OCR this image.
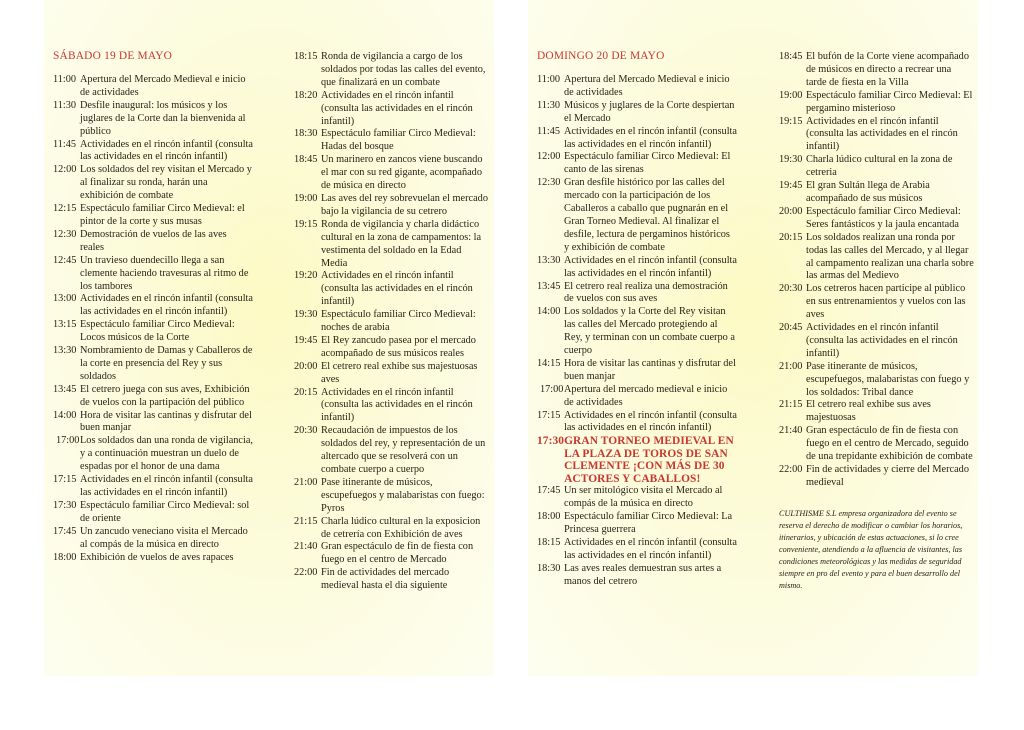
SÁBADO 19 DE MAYO
11:00 Apertura del Mercado Medieval e inicio de actividades
11:30 Desfile inaugural: los músicos y los juglares de la Corte dan la bienvenida al público
11:45 Actividades en el rincón infantil (consulta las actividades en el rincón infantil)
12:00 Los soldados del rey visitan el Mercado y al finalizar su ronda, harán una exhibición de combate
12:15 Espectáculo familiar Circo Medieval: el pintor de la corte y sus musas
12:30 Demostración de vuelos de las aves reales
12:45 Un travieso duendecillo llega a san clemente haciendo travesuras al ritmo de los tambores
13:00 Actividades en el rincón infantil (consulta las actividades en el rincón infantil)
13:15 Espectáculo familiar Circo Medieval: Locos músicos de la Corte
13:30 Nombramiento de Damas y Caballeros de la corte en presencia del Rey y sus soldados
13:45 El cetrero juega con sus aves, Exhibición de vuelos con la partipación del público
14:00 Hora de visitar las cantinas y disfrutar del buen manjar
17:00 Los soldados dan una ronda de vigilancia, y a continuación muestran un duelo de espadas por el honor de una dama
17:15 Actividades en el rincón infantil (consulta las actividades en el rincón infantil)
17:30 Espectáculo familiar Circo Medieval: sol de oriente
17:45 Un zancudo veneciano visita el Mercado al compás de la música en directo
18:00 Exhibición de vuelos de aves rapaces
18:15 Ronda de vigilancia a cargo de los soldados por todas las calles del evento, que finalizará en un combate
18:20 Actividades en el rincón infantil (consulta las actividades en el rincón infantil)
18:30 Espectáculo familiar Circo Medieval: Hadas del bosque
18:45 Un marinero en zancos viene buscando el mar con su red gigante, acompañado de música en directo
19:00 Las aves del rey sobrevuelan el mercado bajo la vigilancia de su cetrero
19:15 Ronda de vigilancia y charla didáctico cultural en la zona de campamentos: la vestimenta del soldado en la Edad Media
19:20 Actividades en el rincón infantil (consulta las actividades en el rincón infantil)
19:30 Espectáculo familiar Circo Medieval: noches de arabia
19:45 El Rey zancudo pasea por el mercado acompañado de sus músicos reales
20:00 El cetrero real exhibe sus majestuosas aves
20:15 Actividades en el rincón infantil (consulta las actividades en el rincón infantil)
20:30 Recaudación de impuestos de los soldados del rey, y representación de un altercado que se resolverá con un combate cuerpo a cuerpo
21:00 Pase itinerante de músicos, escupefuegos y malabaristas con fuego: Pyros
21:15 Charla lúdico cultural en la exposicion de cetrería con Exhibición de aves
21:40 Gran espectáculo de fin de fiesta con fuego en el centro de Mercado
22:00 Fin de actividades del mercado medieval hasta el dia siguiente
DOMINGO 20 DE MAYO
11:00 Apertura del Mercado Medieval e inicio de actividades
11:30 Músicos y juglares de la Corte despiertan el Mercado
11:45 Actividades en el rincón infantil (consulta las actividades en el rincón infantil)
12:00 Espectáculo familiar Circo Medieval: El canto de las sirenas
12:30 Gran desfile histórico por las calles del mercado con la participación de los Caballeros a caballo que pugnarán en el Gran Torneo Medieval. Al finalizar el desfile, lectura de pergaminos históricos y exhibición de combate
13:30 Actividades en el rincón infantil (consulta las actividades en el rincón infantil)
13:45 El cetrero real realiza una demostración de vuelos con sus aves
14:00 Los soldados y la Corte del Rey visitan las calles del Mercado protegiendo al Rey, y terminan con un combate cuerpo a cuerpo
14:15 Hora de visitar las cantinas y disfrutar del buen manjar
17:00 Apertura del mercado medieval e inicio de actividades
17:15 Actividades en el rincón infantil (consulta las actividades en el rincón infantil)
17:30 GRAN TORNEO MEDIEVAL EN LA PLAZA DE TOROS DE SAN CLEMENTE ¡CON MÁS DE 30 ACTORES Y CABALLOS!
17:45 Un ser mitológico visita el Mercado al compás de la música en directo
18:00 Espectáculo familiar Circo Medieval: La Princesa guerrera
18:15 Actividades en el rincón infantil (consulta las actividades en el rincón infantil)
18:30 Las aves reales demuestran sus artes a manos del cetrero
18:45 El bufón de la Corte viene acompañado de músicos en directo a recrear una tarde de fiesta en la Villa
19:00 Espectáculo familiar Circo Medieval: El pergamino misterioso
19:15 Actividades en el rincón infantil (consulta las actividades en el rincón infantil)
19:30 Charla lúdico cultural en la zona de cetreria
19:45 El gran Sultán llega de Arabia acompañado de sus músicos
20:00 Espectáculo familiar Circo Medieval: Seres fantásticos y la jaula encantada
20:15 Los soldados realizan una ronda por todas las calles del Mercado, y al llegar al campamento realizan una charla sobre las armas del Medievo
20:30 Los cetreros hacen participe al público en sus entrenamientos y vuelos con las aves
20:45 Actividades en el rincón infantil (consulta las actividades en el rincón infantil)
21:00 Pase itinerante de músicos, escupefuegos, malabaristas con fuego y los soldados: Tribal dance
21:15 El cetrero real exhibe sus aves majestuosas
21:40 Gran espectáculo de fin de fiesta con fuego en el centro de Mercado, seguido de una trepidante exhibición de combate
22:00 Fin de actividades y cierre del Mercado medieval
CULTHISME S.L empresa organizadora del evento se reserva el derecho de modificar o cambiar los horarios, itinerarios, y ubicación de estas actuaciones, si lo cree conveniente, atendiendo a la afluencia de visitantes, las condiciones meteorológicas y las medidas de seguridad siempre en pro del evento y para el buen desarrollo del mismo.
